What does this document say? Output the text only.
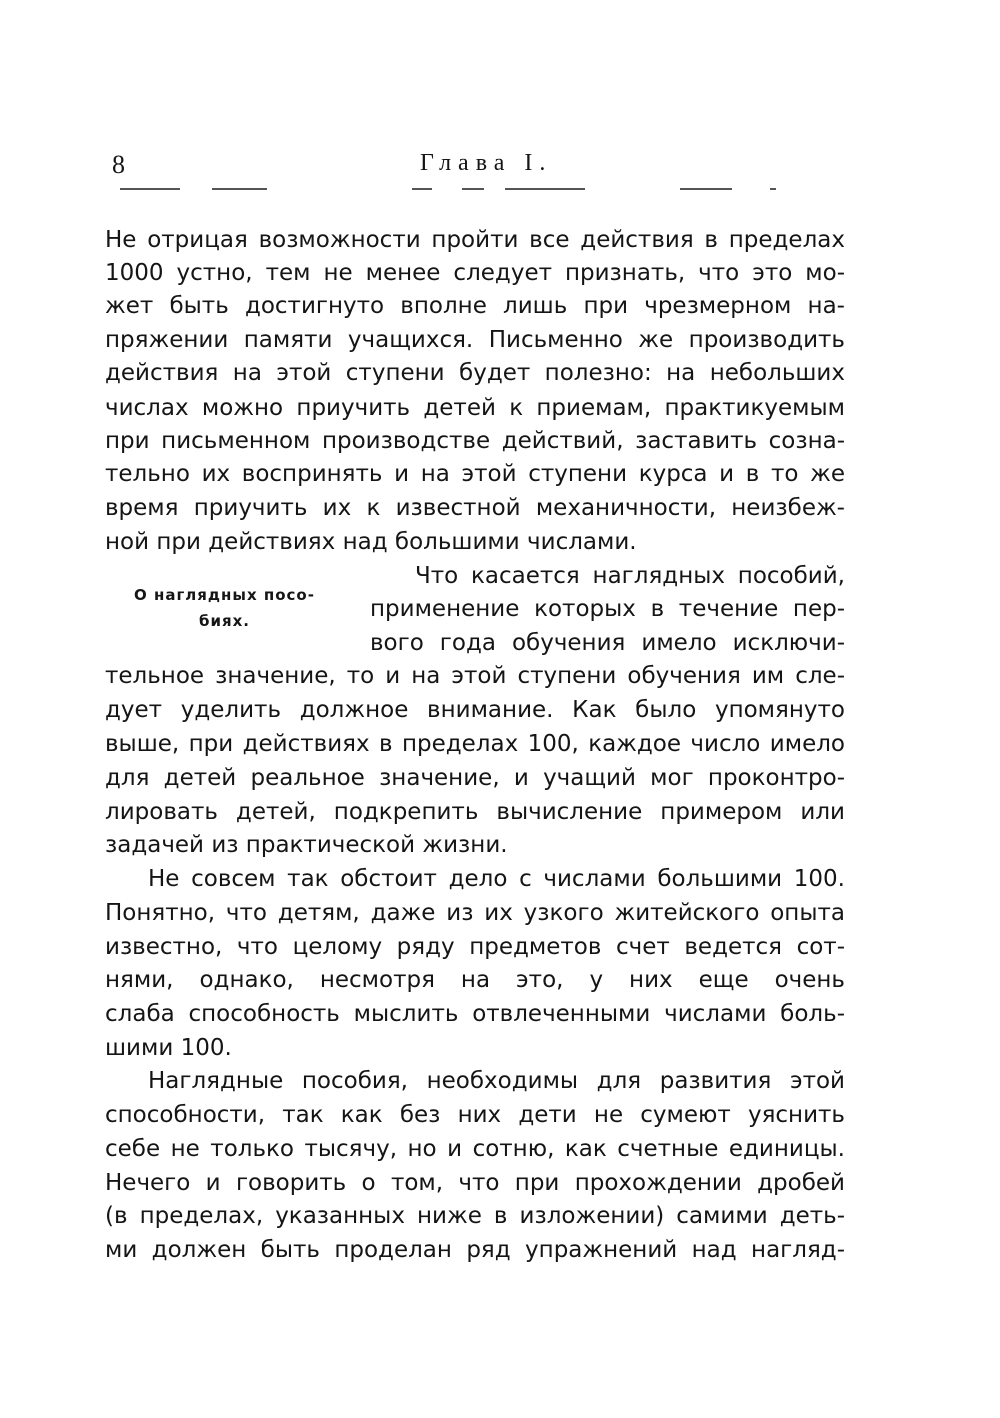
8	Глава I.
О наглядных посо-
биях.
Не отрицая возможности пройти все действия в пределах
1000 устно, тем не менее следует признать, что это мо-
жет быть достигнуто вполне лишь при чрезмерном на-
пряжении памяти учащихся. Письменно же производить
действия на этой ступени будет полезно: на небольших
числах можно приучить детей к приемам, практикуемым
при письменном производстве действий, заставить созна-
тельно их воспринять и на этой ступени курса и в то же
время приучить их к известной механичности, неизбеж-
ной при действиях над большими числами.
Что касается наглядных пособий,
применение которых в течение пер-
вого года обучения имело исключи-
тельное значение, то и на этой ступени обучения им сле-
дует уделить должное внимание. Как было упомянуто
выше, при действиях в пределах 100, каждое число имело
для детей реальное значение, и учащий мог проконтро-
лировать детей, подкрепить вычисление примером или
задачей из практической жизни.
Не совсем так обстоит дело с числами большими 100.
Понятно, что детям, даже из их узкого житейского опыта
известно, что целому ряду предметов счет ведется сот-
нями, однако, несмотря на это, у них еще очень
слаба способность мыслить отвлеченными числами боль-
шими 100.
Наглядные пособия, необходимы для развития этой
способности, так как без них дети не сумеют уяснить
себе не только тысячу, но и сотню, как счетные единицы.
Нечего и говорить о том, что при прохождении дробей
(в пределах, указанных ниже в изложении) самими деть-
ми должен быть проделан ряд упражнений над нагляд-
